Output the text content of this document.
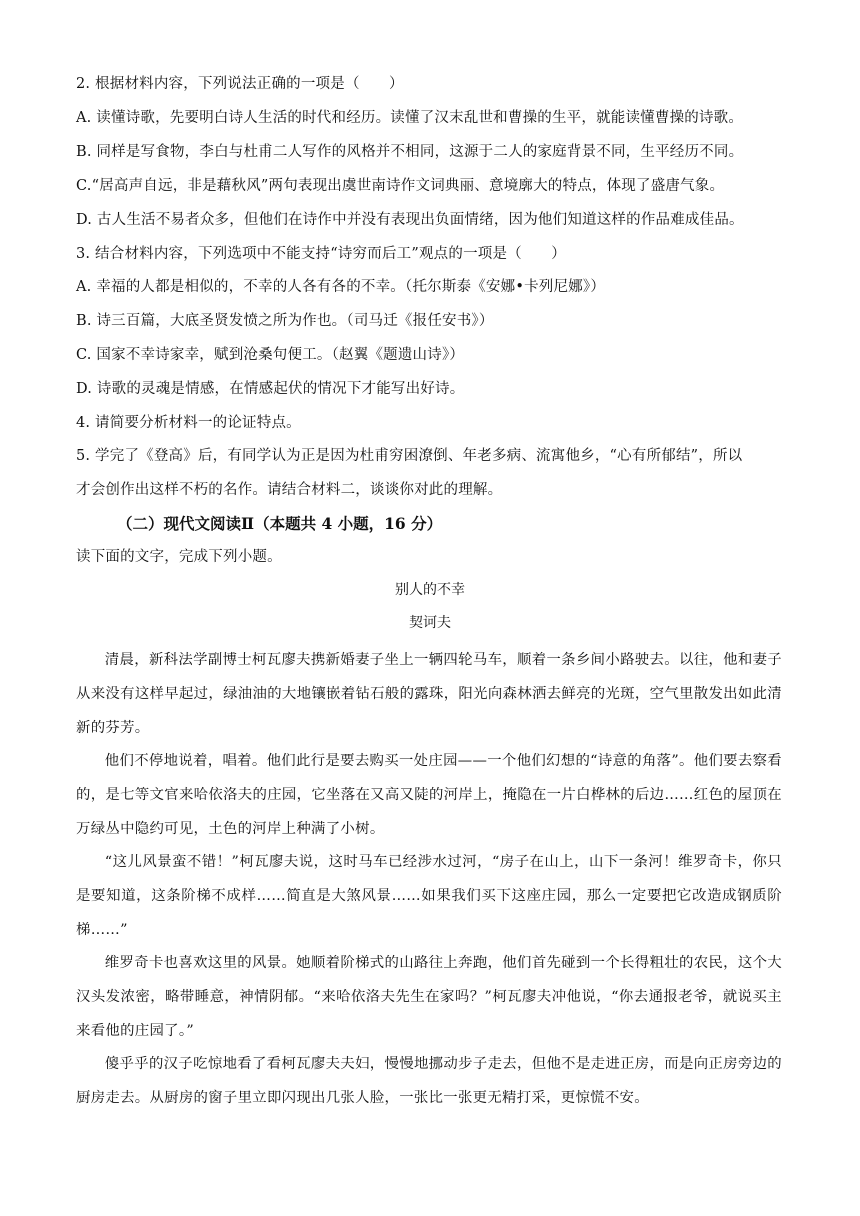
2. 根据材料内容，下列说法正确的一项是（　　）
A. 读懂诗歌，先要明白诗人生活的时代和经历。读懂了汉末乱世和曹操的生平，就能读懂曹操的诗歌。
B. 同样是写食物，李白与杜甫二人写作的风格并不相同，这源于二人的家庭背景不同，生平经历不同。
C.“居高声自远，非是藉秋风”两句表现出虞世南诗作文词典丽、意境廓大的特点，体现了盛唐气象。
D. 古人生活不易者众多，但他们在诗作中并没有表现出负面情绪，因为他们知道这样的作品难成佳品。
3. 结合材料内容，下列选项中不能支持“诗穷而后工”观点的一项是（　　）
A. 幸福的人都是相似的，不幸的人各有各的不幸。（托尔斯泰《安娜•卡列尼娜》）
B. 诗三百篇，大底圣贤发愤之所为作也。（司马迁《报任安书》）
C. 国家不幸诗家幸，赋到沧桑句便工。（赵翼《题遗山诗》）
D. 诗歌的灵魂是情感，在情感起伏的情况下才能写出好诗。
4. 请简要分析材料一的论证特点。
5. 学完了《登高》后，有同学认为正是因为杜甫穷困潦倒、年老多病、流寓他乡，“心有所郁结”，所以
才会创作出这样不朽的名作。请结合材料二，谈谈你对此的理解。
（二）现代文阅读Ⅱ（本题共 4 小题，16 分）
读下面的文字，完成下列小题。
别人的不幸
契诃夫

清晨，新科法学副博士柯瓦廖夫携新婚妻子坐上一辆四轮马车，顺着一条乡间小路驶去。以往，他和妻子从来没有这样早起过，绿油油的大地镶嵌着钻石般的露珠，阳光向森林洒去鲜亮的光斑，空气里散发出如此清新的芬芳。

他们不停地说着，唱着。他们此行是要去购买一处庄园——一个他们幻想的“诗意的角落”。他们要去察看的，是七等文官来哈依洛夫的庄园，它坐落在又高又陡的河岸上，掩隐在一片白桦林的后边……红色的屋顶在万绿丛中隐约可见，土色的河岸上种满了小树。

“这儿风景蛮不错！”柯瓦廖夫说，这时马车已经涉水过河，“房子在山上，山下一条河！维罗奇卡，你只是要知道，这条阶梯不成样……简直是大煞风景……如果我们买下这座庄园，那么一定要把它改造成钢质阶梯……”

维罗奇卡也喜欢这里的风景。她顺着阶梯式的山路往上奔跑，他们首先碰到一个长得粗壮的农民，这个大汉头发浓密，略带睡意，神情阴郁。“来哈依洛夫先生在家吗？”柯瓦廖夫冲他说，“你去通报老爷，就说买主来看他的庄园了。”

傻乎乎的汉子吃惊地看了看柯瓦廖夫夫妇，慢慢地挪动步子走去，但他不是走进正房，而是向正房旁边的厨房走去。从厨房的窗子里立即闪现出几张人脸，一张比一张更无精打采，更惊慌不安。
